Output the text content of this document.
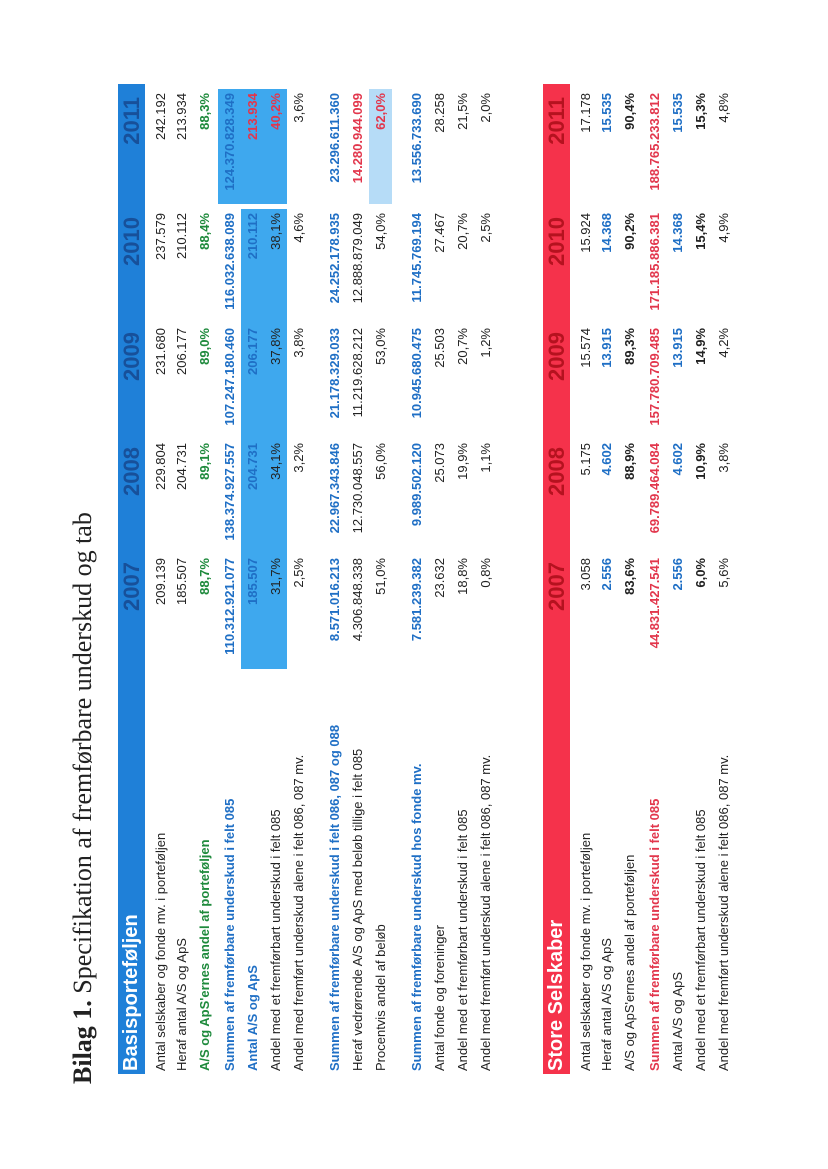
Bilag 1. Specifikation af fremførbare underskud og tab Basisporteføljen
2007
2008
2009
2010
2011
Antal selskaber og fonde mv. i porteføljen
209.139
229.804
231.680
237.579
242.192
Heraf antal A/S og ApS
185.507
204.731
206.177
210.112
213.934
A/S og ApS'ernes andel af porteføljen
88,7%
89,1%
89,0%
88,4%
88,3%
Summen af fremførbare underskud i felt 085
110.312.921.077
138.374.927.557
107.247.180.460
116.032.638.089
124.370.828.349
Antal A/S og ApS
185.507
204.731
206.177
210.112
213.934
Andel med et fremførbart underskud i felt 085
31,7%
34,1%
37,8%
38,1%
40,2%
Andel med fremført underskud alene i felt 086, 087 mv.
2,5%
3,2%
3,8%
4,6%
3,6%
Summen af fremførbare underskud i felt 086, 087 og 088
8.571.016.213
22.967.343.846
21.178.329.033
24.252.178.935
23.296.611.360
Heraf vedrørende A/S og ApS med beløb tillige i felt 085
4.306.848.338
12.730.048.557
11.219.628.212
12.888.879.049
14.280.944.099
Procentvis andel af beløb
51,0%
56,0%
53,0%
54,0%
62,0%
Summen af fremførbare underskud hos fonde mv.
7.581.239.382
9.989.502.120
10.945.680.475
11.745.769.194
13.556.733.690
Antal fonde og foreninger
23.632
25.073
25.503
27.467
28.258
Andel med et fremførbart underskud i felt 085
18,8%
19,9%
20,7%
20,7%
21,5%
Andel med fremført underskud alene i felt 086, 087 mv.
0,8%
1,1%
1,2%
2,5%
2,0%
Store Selskaber
2007
2008
2009
2010
2011
Antal selskaber og fonde mv. i porteføljen
3.058
5.175
15.574
15.924
17.178
Heraf antal A/S og ApS
2.556
4.602
13.915
14.368
15.535
A/S og ApS'ernes andel af porteføljen
83,6%
88,9%
89,3%
90,2%
90,4%
Summen af fremførbare underskud i felt 085
44.831.427.541
69.789.464.084
157.780.709.485
171.185.886.381
188.765.233.812
Antal A/S og ApS
2.556
4.602
13.915
14.368
15.535
Andel med et fremførbart underskud i felt 085
6,0%
10,9%
14,9%
15,4%
15,3%
Andel med fremført underskud alene i felt 086, 087 mv.
5,6%
3,8%
4,2%
4,9%
4,8%
